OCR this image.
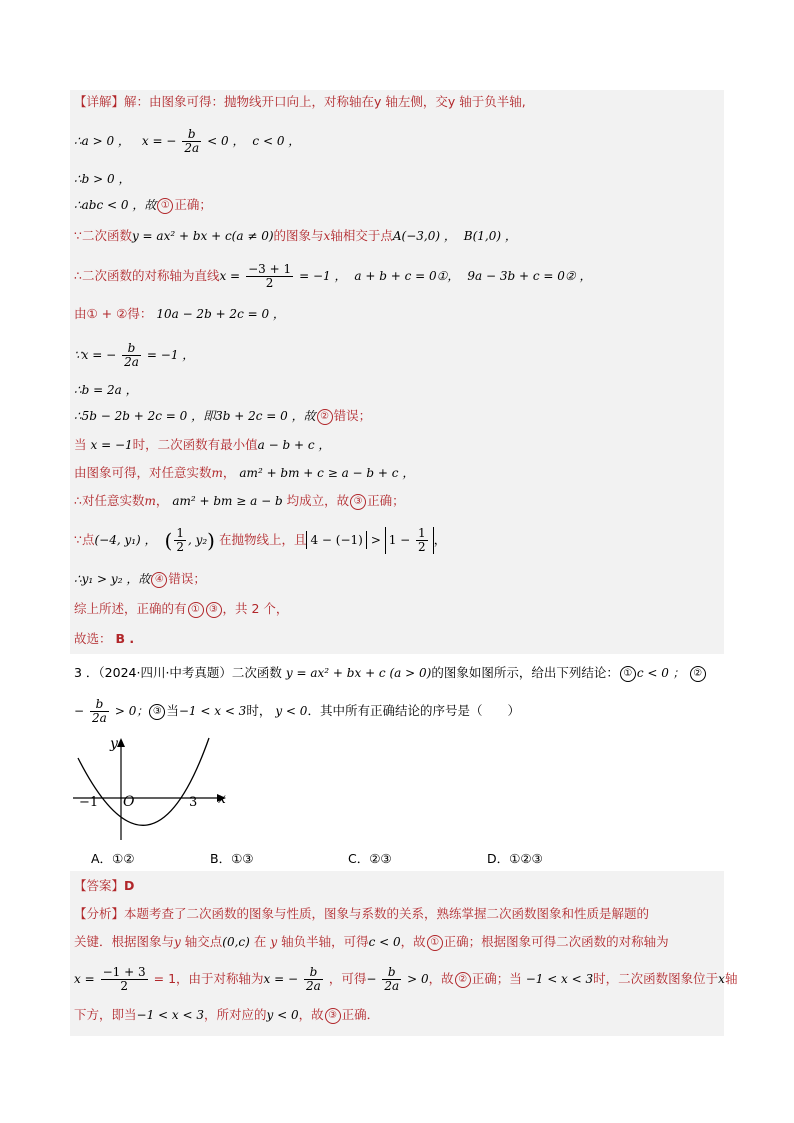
【详解】解：由图象可得：抛物线开口向上，对称轴在y 轴左侧，交y 轴于负半轴,
∴a > 0 ， x = − $\frac{b}{2a} < 0$ ， c < 0 ，
∴b > 0 ，
∴abc < 0 ，故 ① 正确；
∵二次函数y = ax² + bx + c(a ≠ 0)的图象与x轴相交于点A(−3,0) ， B(1,0) ，
∴二次函数的对称轴为直线$x = \frac{-3 + 1}{2} = -1$ ， a + b + c = 0①， 9a − 3b + c = 0② ，
由① + ②得： 10a − 2b + 2c = 0 ，
∵x = − $\frac{b}{2a} = -1$ ，
∴b = 2a ，
∴5b − 2b + 2c = 0 ，即3b + 2c = 0 ，故 ② 错误；
当 x = −1时，二次函数有最小值a − b + c ，
由图象可得，对任意实数m， am² + bm + c ≥ a − b + c ，
∴对任意实数m， am² + bm ≥ a − b 均成立，故 ③ 正确；
∵点(−4, y₁) ， ( $\frac{1}{2}$ , y₂) 在抛物线上，且 $4 - (-1) > 1 - \frac{1}{2}$ ，
∴y₁ > y₂ ，故 ④ 错误；
综上所述，正确的有 ① ③ ，共 2 个，
故选： B .
3 ．（2024·四川·中考真题）二次函数 y = ax² + bx + c (a > 0)的图象如图所示，给出下列结论： ① c < 0 ； ②
− $\frac{b}{2a} > 0$； ③ 当−1 < x < 3时， y < 0．其中所有正确结论的序号是（　　）
y
x
O
−1	3
A．①②	B．①③	C．②③	D．①②③
【答案】D
【分析】本题考查了二次函数的图象与性质，图象与系数的关系，熟练掌握二次函数图象和性质是解题的
关键．根据图象与y 轴交点(0,c) 在 y 轴负半轴，可得c < 0，故 ① 正确；根据图象可得二次函数的对称轴为
$x = \frac{-1 + 3}{2} = 1$，由于对称轴为x = − $\frac{b}{2a}$ ，可得− $\frac{b}{2a} > 0$，故 ② 正确；当 −1 < x < 3时，二次函数图象位于x轴
下方，即当−1 < x < 3，所对应的y < 0，故 ③ 正确．
